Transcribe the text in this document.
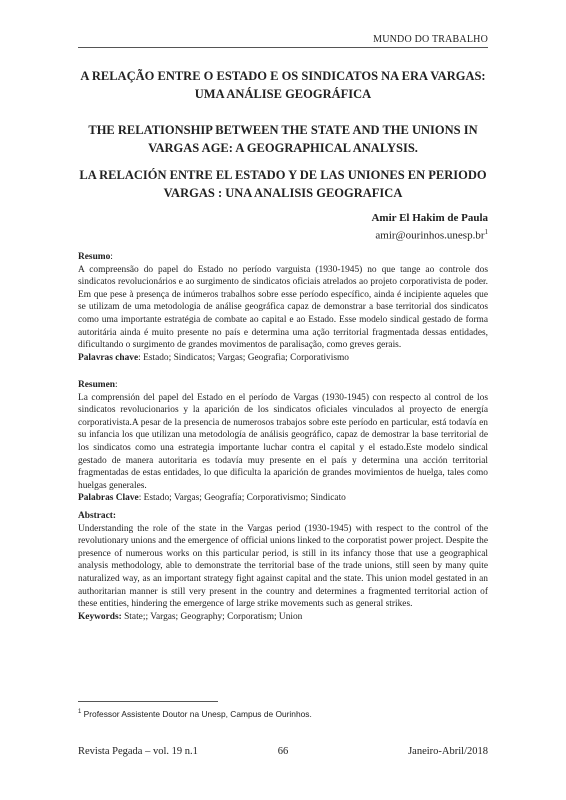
MUNDO DO TRABALHO
A RELAÇÃO ENTRE O ESTADO E OS SINDICATOS NA ERA VARGAS: UMA ANÁLISE GEOGRÁFICA
THE RELATIONSHIP BETWEEN THE STATE AND THE UNIONS IN VARGAS AGE: A GEOGRAPHICAL ANALYSIS.
LA RELACIÓN ENTRE EL ESTADO Y DE LAS UNIONES EN PERIODO VARGAS : UNA ANALISIS GEOGRAFICA
Amir El Hakim de Paula
$amir@ourinhos.unesp.br^1$

Resumo:

A compreensão do papel do Estado no período varguista (1930-1945) no que tange ao controle dos sindicatos revolucionários e ao surgimento de sindicatos oficiais atrelados ao projeto corporativista de poder. Em que pese à presença de inúmeros trabalhos sobre esse período específico, ainda é incipiente aqueles que se utilizam de uma metodologia de análise geográfica capaz de demonstrar a base territorial dos sindicatos como uma importante estratégia de combate ao capital e ao Estado. Esse modelo sindical gestado de forma autoritária ainda é muito presente no país e determina uma ação territorial fragmentada dessas entidades, dificultando o surgimento de grandes movimentos de paralisação, como greves gerais.

Palavras chave: Estado; Sindicatos; Vargas; Geografia; Corporativismo

Resumen:

La comprensión del papel del Estado en el período de Vargas (1930-1945) con respecto al control de los sindicatos revolucionarios y la aparición de los sindicatos oficiales vinculados al proyecto de energía corporativista.A pesar de la presencia de numerosos trabajos sobre este período en particular, está todavía en su infancia los que utilizan una metodología de análisis geográfico, capaz de demostrar la base territorial de los sindicatos como una estrategia importante luchar contra el capital y el estado.Este modelo sindical gestado de manera autoritaria es todavía muy presente en el país y determina una acción territorial fragmentadas de estas entidades, lo que dificulta la aparición de grandes movimientos de huelga, tales como huelgas generales.

Palabras Clave: Estado; Vargas; Geografía; Corporativismo; Sindicato

Abstract:

Understanding the role of the state in the Vargas period (1930-1945) with respect to the control of the revolutionary unions and the emergence of official unions linked to the corporatist power project. Despite the presence of numerous works on this particular period, is still in its infancy those that use a geographical analysis methodology, able to demonstrate the territorial base of the trade unions, still seen by many quite naturalized way, as an important strategy fight against capital and the state. This union model gestated in an authoritarian manner is still very present in the country and determines a fragmented territorial action of these entities, hindering the emergence of large strike movements such as general strikes.

Keywords: State;; Vargas; Geography; Corporatism; Union

$^1$ Professor Assistente Doutor na Unesp, Campus de Ourinhos.
Revista Pegada – vol. 19 n.1	66	Janeiro-Abril/2018
